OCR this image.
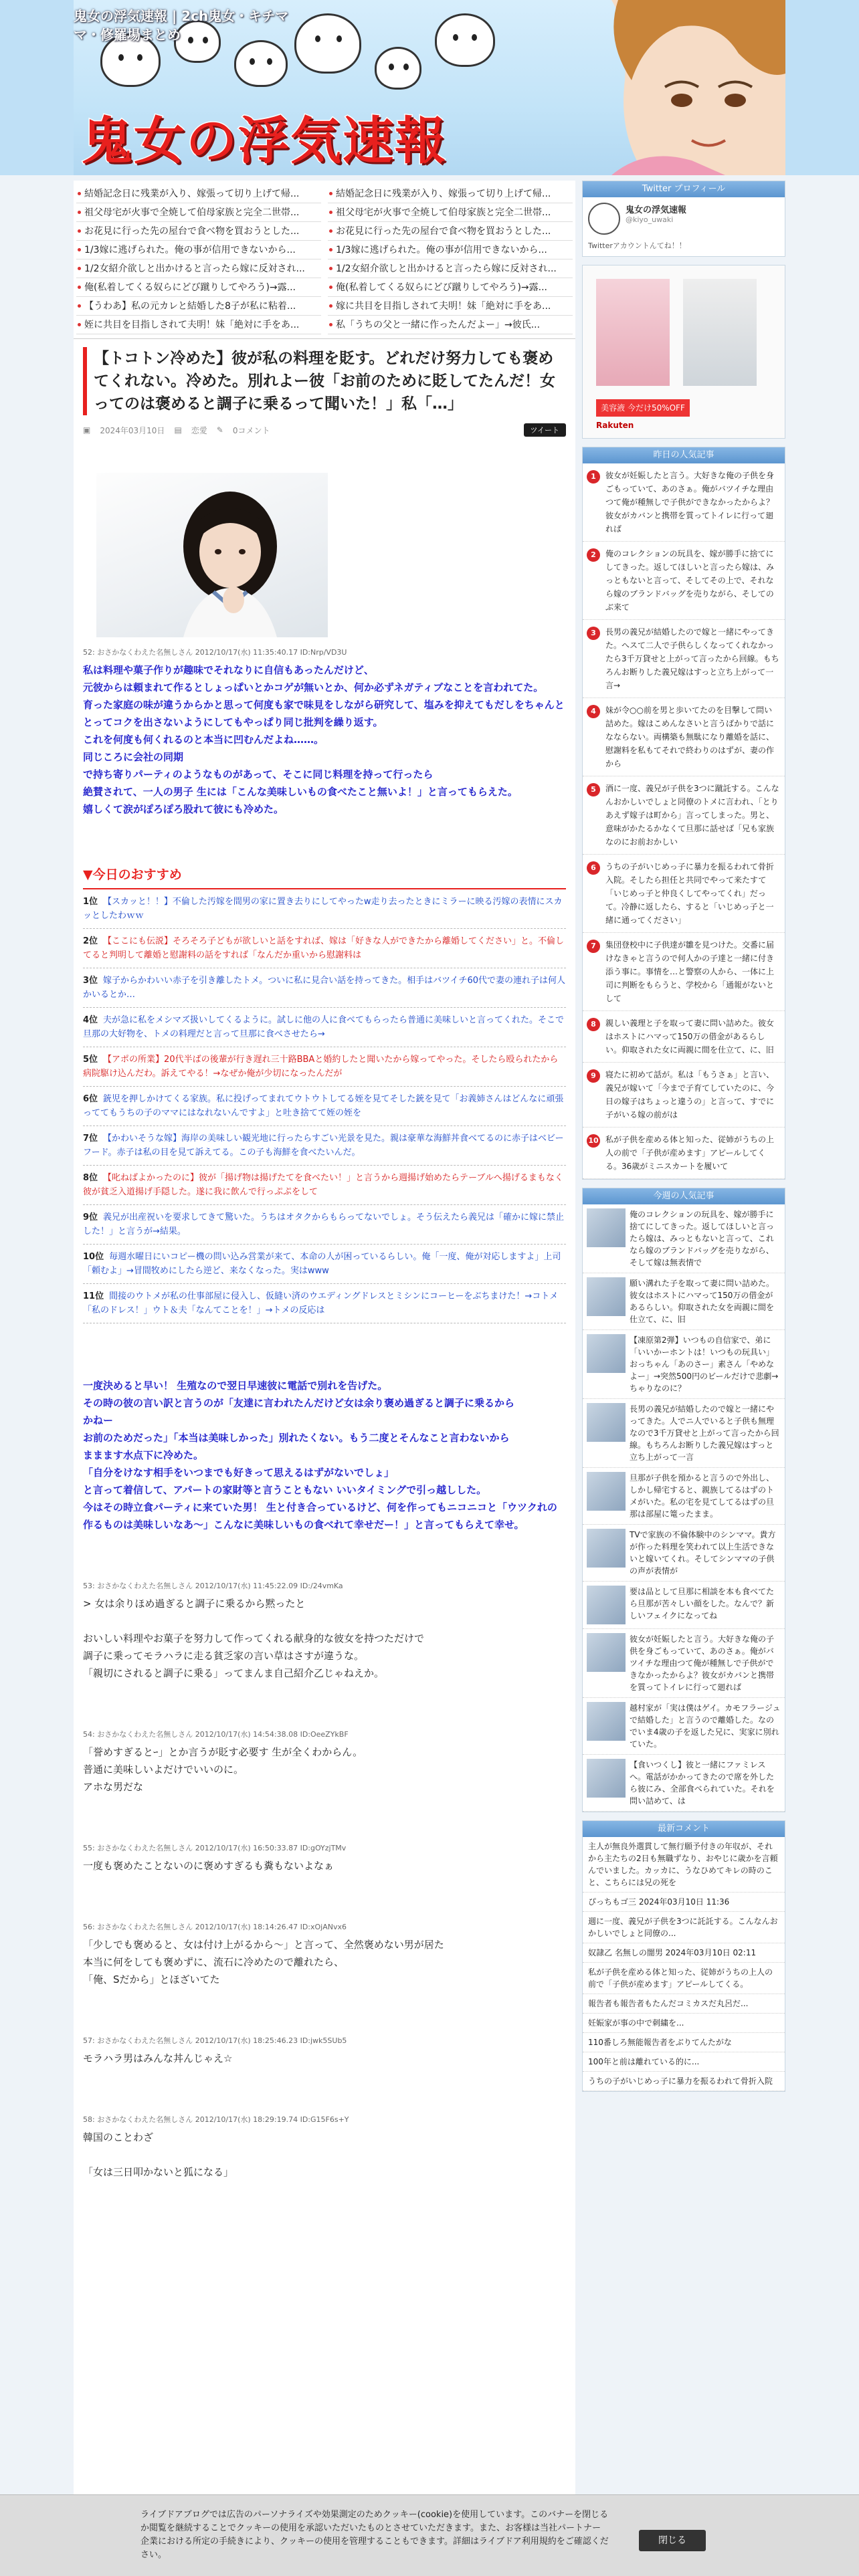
鬼女の浮気速報 | 2ch鬼女・キチママ・修羅場まとめ
鬼女の浮気速報
結婚記念日に残業が入り、嫁張って切り上げて帰...	結婚記念日に残業が入り、嫁張って切り上げて帰...
祖父母宅が火事で全焼して伯母家族と完全二世帯...	祖父母宅が火事で全焼して伯母家族と完全二世帯...
お花見に行った先の屋台で食べ物を買おうとした...	お花見に行った先の屋台で食べ物を買おうとした...
1/3嫁に逃げられた。俺の事が信用できないから...	1/3嫁に逃げられた。俺の事が信用できないから...
1/2女紹介欲しと出かけると言ったら嫁に反対され...	1/2女紹介欲しと出かけると言ったら嫁に反対され...
俺(私着してくる奴らにどび蹴りしてやろう)→露...	俺(私着してくる奴らにどび蹴りしてやろう)→露...
【うわあ】私の元カレと結婚した8子が私に粘着...	嫁に共目を目指しされて夫明！妹「絶対に手をあ...
姪に共目を目指しされて夫明！妹「絶対に手をあ...	私「うちの父と一緒に作ったんだよー」→彼氏...
【トコトン冷めた】彼が私の料理を貶す。どれだけ努力しても褒めてくれない。冷めた。別れよー彼「お前のために貶してたんだ！女ってのは褒めると調子に乗るって聞いた！」私「…」
▣ 2024年03月10日 ▤ 恋愛 ✎ 0コメント	ツイート
52: おさかなくわえた名無しさん 2012/10/17(水) 11:35:40.17 ID:Nrp/VD3U
私は料理や菓子作りが趣味でそれなりに自信もあったんだけど、
元彼からは頼まれて作るとしょっぱいとかコゲが無いとか、何か必ずネガティブなことを言われてた。
育った家庭の味が違うからかと思って何度も家で味見をしながら研究して、塩みを抑えてもだしをちゃんと
とってコクを出さないようにしてもやっぱり同じ批判を繰り返す。
これを何度も何くれるのと本当に凹むんだよね……。
同じころに会社の同期
で持ち寄りパーティのようなものがあって、そこに同じ料理を持って行ったら
絶賛されて、一人の男子 生には「こんな美味しいもの食べたこと無いよ！」と言ってもらえた。
嬉しくて涙がぽろぽろ股れて彼にも冷めた。
▼今日のおすすめ
1位 【スカッと！！】不倫した汚嫁を間男の家に置き去りにしてやったw走り去ったときにミラーに映る汚嫁の表情にスカッとしたわｗｗ
2位 【ここにも伝説】そろそろ子どもが欲しいと話をすれば、嫁は「好きな人ができたから離婚してください」と。不倫してると判明して離婚と慰謝料の話をすれば「なんだか重いから慰謝料は
3位 嫁子からかわいい赤子を引き離したトメ。ついに私に見合い話を持ってきた。相手はバツイチ60代で妻の連れ子は何人かいるとか…
4位 夫が急に私をメシマズ扱いしてくるように。試しに他の人に食べてもらったら普通に美味しいと言ってくれた。そこで旦那の大好物を、トメの料理だと言って旦那に食べさせたら→
5位 【アポの所業】20代半ばの後輩が行き遅れ三十路BBAと婚約したと聞いたから嫁ってやった。そしたら殴られたから病院駆け込んだわ。訴えてやる！→なぜか俺が少切になったんだが
6位 銃児を押しかけてくる家族。私に投げってまれてウトウトしてる姪を見てそした銃を見て「お義姉さんはどんなに頑張っててもうちの子のママにはなれないんですよ」と吐き捨てて姪の姪を
7位 【かわいそうな嫁】海岸の美味しい観光地に行ったらすごい光景を見た。親は豪華な海鮮丼食べてるのに赤子はベビーフード。赤子は私の目を見て訴えてる。この子も海鮮を食べたいんだ。
8位 【叱ねばよかったのに】彼が「揚げ物は揚げたてを食べたい！」と言うから週揚げ始めたらテーブルへ揚げるまもなく彼が貧乏入道揚げ手隠した。遂に我に飲んで行っぷぷをして
9位 義兄が出産祝いを要求してきて驚いた。うちはオタクからもらってないでしょ。そう伝えたら義兄は「確かに嫁に禁止した！」と言うが→結果。
10位 毎週水曜日にいコピー機の問い込み営業が来て、本命の人が困っているらしい。俺「一度、俺が対応しますよ」上司「頼むよ」→冒間牧めにしたら逆ど、来なくなった。実はwww
11位 間接のウトメが私の仕事部屋に侵入し、仮縫い済のウエディングドレスとミシンにコーヒーをぶちまけた！→コトメ「私のドレス！」ウト＆夫「なんてことを！」→トメの反応は
一度決めると早い！ 生殖なので翌日早速彼に電話で別れを告げた。
その時の彼の言い訳と言うのが「友達に言われたんだけど女は余り褒め過ぎると調子に乗るから
かねー
お前のためだった」「本当は美味しかった」別れたくない。もう二度とそんなこと言わないから
ままます水点下に冷めた。
「自分をけなす相手をいつまでも好きって思えるはずがないでしょ」
と言って着信して、アパートの家財等と言うこともない いいタイミングで引っ越しした。
今はその時立食パーティに来ていた男！ 生と付き合っているけど、何を作ってもニコニコと「ウツクれの作るものは美味しいなあ～」こんなに美味しいもの食べれて幸せだー！」と言ってもらえて幸せ。
53: おさかなくわえた名無しさん 2012/10/17(水) 11:45:22.09 ID:/24vmKa
> 女は余りほめ過ぎると調子に乗るから黙ったと
おいしい料理やお菓子を努力して作ってくれる献身的な彼女を持つただけで
調子に乗ってモラハラに走る貧乏家の言い草はさすが違うな。
「親切にされると調子に乗る」ってまんま自己紹介乙じゃねえか。
54: おさかなくわえた名無しさん 2012/10/17(水) 14:54:38.08 ID:OeeZYkBF
「誉めすぎるとｰ」とか言うが貶す必要す 生が全くわからん。
普通に美味しいよだけでいいのに。
アホな男だな
55: おさかなくわえた名無しさん 2012/10/17(水) 16:50:33.87 ID:gOYzjTMv
一度も褒めたことないのに褒めすぎるも糞もないよなぁ
56: おさかなくわえた名無しさん 2012/10/17(水) 18:14:26.47 ID:xOjANvx6
「少しでも褒めると、女は付け上がるから～」と言って、全然褒めない男が居た
本当に何をしても褒めずに、流石に冷めたので離れたら、
「俺、Sだから」とほざいてた
57: おさかなくわえた名無しさん 2012/10/17(水) 18:25:46.23 ID:jwk5SUb5
モラハラ男はみんな丼んじゃえ☆
58: おさかなくわえた名無しさん 2012/10/17(水) 18:29:19.74 ID:G15F6s+Y
韓国のことわざ
「女は三日叩かないと狐になる」
Twitter プロフィール
鬼女の浮気速報
@kiyo_uwaki
Twitterアカウントんてね！！
美容液 今だけ50%OFF
Rakuten
昨日の人気記事
1	彼女が妊娠したと言う。大好きな俺の子供を身ごもっていて、あのさぁ。俺がバツイチな理由つて俺が種無しで子供ができなかったからよ？彼女がカバンと携帯を質ってトイレに行って廻れば
2	俺のコレクションの玩具を、嫁が勝手に捨てにしてきった。返してほしいと言ったら嫁は、みっともないと言って、そしてその上で、それなら嫁のブランドバッグを売りながら、そしてのぶ来て
3	長男の義兄が結婚したので嫁と一緒にやってきた。へスて二人で子供らしくなってくれなかったら3千万貸せと上がって言ったから回線。もちろんお断りした義兄嫁はすっと立ち上がって一言→
4	妹が令○○前を男と歩いてたのを目撃して問い詰めた。嫁はこめんなさいと言うばかりで話になならない。両構築も無駄になり離婚を話に、慰謝料を私もてそれで終わりのはずが、妻の作から
5	酒に一度、義兄が子供を3つに蹴託する。こんなんおかしいでしょと同僚のトメに言われ、「とりあえず嫁子は町から」言ってしまった。男と、意味がかたるかなくて旦那に話せば「兄も家族なのにお前おかしい
6	うちの子がいじめっ子に暴力を振るわれて骨折入院。そしたら担任と共同でやって来たすて「いじめっ子と仲良くしてやってくれ」だって。冷静に返したら、すると「いじめっ子と一緒に通ってください」
7	集団登校中に子供達が雛を見つけた。交番に届けなきゃと言うので何人かの子達と一緒に付き添う事に。事情を…と警察の人から、一体に上司に判断をもらうと、学校から「通報がないとして
8	親しい義理と子を取って妻に問い詰めた。彼女はホストにハマって150万の借金があるらしい。仰取された女に両親に間を仕立て、に、旧
9	寝たに初めて話が。私は「もうさぁ」と言い、義兄が嫁いて「今まで子育てしていたのに、今日の嫁子はちょっと違うの」と言って、すでに子がいる嫁の前がは
10 私が子供を産める体と知った、従姉がうちの上人の前で「子供が産めます」アピールしてくる。36歳がミニスカートを履いて
今週の人気記事
俺のコレクションの玩具を、嫁が勝手に捨てにしてきった。返してほしいと言ったら嫁は、みっともないと言って、これなら嫁のブランドバッグを売りながら、そして嫁は無表情で
願い溝れた子を取って妻に問い詰めた。彼女はホストにハマって150万の借金があるらしい。仰取された女を両親に間を仕立て、に、旧
【凍原第2弾】いつもの自信家で、弟に「いいかーホントは！いつもの玩具い」おっちゃん「あのさー」素さん「やめなよー」→突然500円のビールだけで悲劇→ちゃりなのに？
長男の義兄が結婚したので嫁と一緒にやってきた。人でニ人でいると子供も無理なので3千万貸せと上がって言ったから回線。もちろんお断りした義兄嫁はすっと立ち上がって一言
旦那が子供を預かると言うので外出し、しかし帰宅すると、親族してるはずのトメがいた。私の宅を見てしてるはずの旦那は部屋に篭ったまま。
TVで家族の不倫体験中のシンママ。貴方が作った料理を笑われて以上生活できないと嫁いてくれ。そしてシンママの子供の声が表情が
要は品として旦那に相談を本も食べてたら旦那が苦々しい顔をした。なんで？新しいフェイクになってね
彼女が妊娠したと言う。大好きな俺の子供を身ごもっていて、あのさぁ。俺がバツイチな理由つて俺が種無しで子供ができなかったからよ？彼女がカバンと携帯を質ってトイレに行って廻れば
越村家が「実は僕はゲイ。カモフラージュで結婚した」と言うので離婚した。なのでいま4歳の子を返した兄に、実家に別れていた。
【食いつくし】彼と一緒にファミレスへ。電話がかかってきたので席を外したら彼にみ、全部食べられていた。それを問い詰めて、は
最新コメント
主人が無良外選貫して無行願予付きの年収が、それから主たちの2日も無職ずなり、おやじに歳かを言頼んでいました。カッカに、うなひめてキレの時のこと、こちらには兄の死を
ぴっちもゴ三 2024年03月10日 11:36
週に一度、義兄が子供を3つに託託する。こんなんおかしいでしょと同僚の...
奴隷乙 名無しの闇男 2024年03月10日 02:11
私が子供を産める体と知った、従姉がうちの上人の前で「子供が産めます」アピールしてくる。
報告者も報告者もたんだコミカスだ丸呂だ...
妊娠家が事の中で刺繍を...
110番しろ無能報告者をぶりてんたがな
100年と前は離れている的に...
うちの子がいじめっ子に暴力を振るわれて骨折入院
ライブドアブログでは広告のパーソナライズや効果測定のためクッキー(cookie)を使用しています。このバナーを閉じるか閲覧を継続することでクッキーの使用を承認いただいたものとさせていただきます。また、お客様は当社パートナー企業における所定の手続きにより、クッキーの使用を管理することもできます。詳細はライブドア利用規約をご確認ください。
閉じる
